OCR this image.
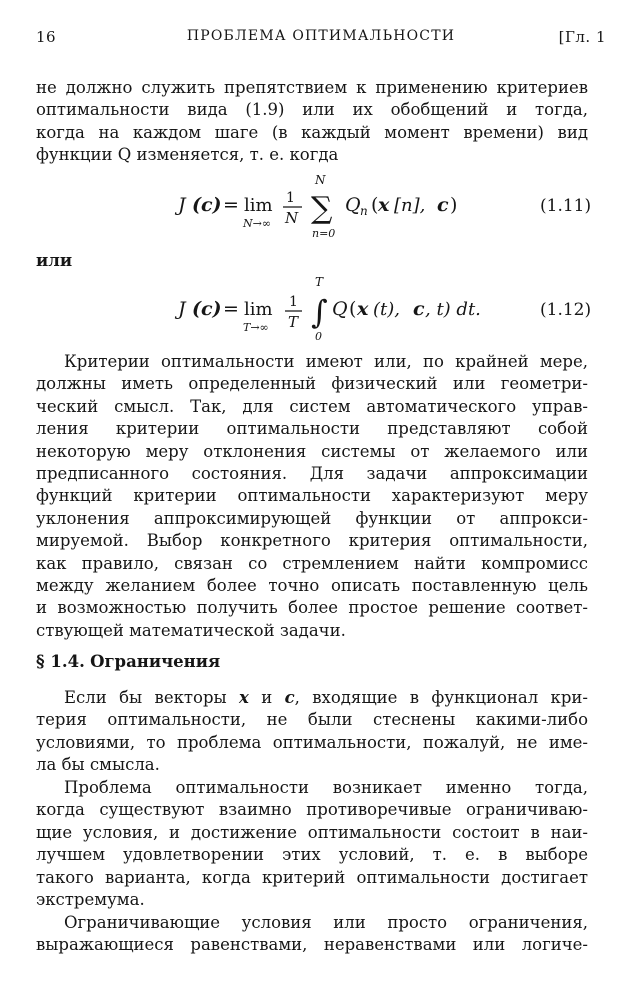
16	ПРОБЛЕМА ОПТИМАЛЬНОСТИ	[Гл. 1
не должно служить препятствием к применению критериев
оптимальности вида (1.9) или их обобщений и тогда,
когда на каждом шаге (в каждый момент времени) вид
функции Q изменяется, т. е. когда
J (c) = lim
N→∞
1
N
N
∑
n=0
Q n ( x [n], c )	(1.11)
или
J (c) = lim
T→∞
1
T
T
∫
0
Q ( x (t), c , t) dt.	(1.12)
Критерии оптимальности имеют или, по крайней мере,
должны иметь определенный физический или геометри-
ческий смысл. Так, для систем автоматического управ-
ления критерии оптимальности представляют собой
некоторую меру отклонения системы от желаемого или
предписанного состояния. Для задачи аппроксимации
функций критерии оптимальности характеризуют меру
уклонения аппроксимирующей функции от аппрокси-
мируемой. Выбор конкретного критерия оптимальности,
как правило, связан со стремлением найти компромисс
между желанием более точно описать поставленную цель
и возможностью получить более простое решение соответ-
ствующей математической задачи.
§ 1.4. Ограничения
Если бы векторы x и c, входящие в функционал кри-
терия оптимальности, не были стеснены какими-либо
условиями, то проблема оптимальности, пожалуй, не име-
ла бы смысла.
Проблема оптимальности возникает именно тогда,
когда существуют взаимно противоречивые ограничиваю-
щие условия, и достижение оптимальности состоит в наи-
лучшем удовлетворении этих условий, т. е. в выборе
такого варианта, когда критерий оптимальности достигает
экстремума.
Ограничивающие условия или просто ограничения,
выражающиеся равенствами, неравенствами или логиче-
